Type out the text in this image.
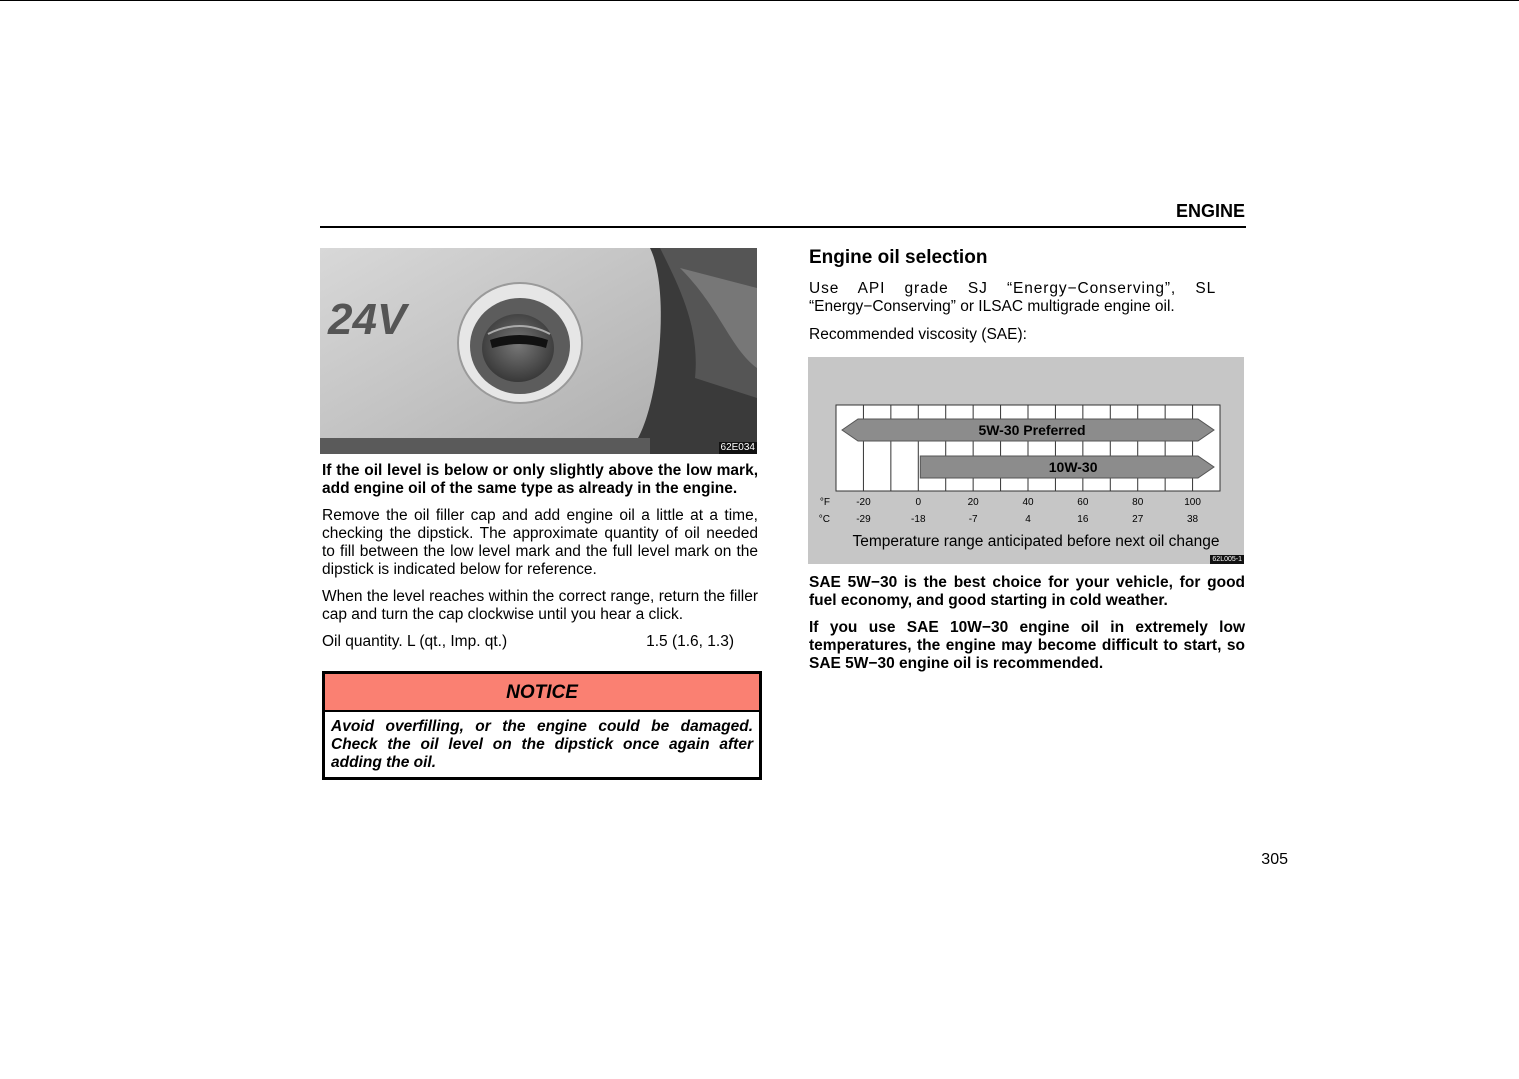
ENGINE
24V
62E034

If the oil level is below or only slightly above the low mark, add engine oil of the same type as already in the engine.

Remove the oil filler cap and add engine oil a little at a time, checking the dipstick. The approximate quantity of oil needed to fill between the low level mark and the full level mark on the dipstick is indicated below for reference.

When the level reaches within the correct range, return the filler cap and turn the cap clockwise until you hear a click.

Oil quantity. L (qt., Imp. qt.)	1.5 (1.6, 1.3)
NOTICE
Avoid overfilling, or the engine could be damaged. Check the oil level on the dipstick once again after adding the oil.
Engine oil selection
Use API grade SJ “Energy−Conserving”, SL

“Energy−Conserving” or ILSAC multigrade engine oil.

Recommended viscosity (SAE):

5W-30 Preferred
10W-30
°F
°C
-20
-29
0
-18
20
-7
40
4
60
16
80
27
100
38
Temperature range anticipated before next oil change
62L005-1

SAE 5W−30 is the best choice for your vehicle, for good fuel economy, and good starting in cold weather.

If you use SAE 10W−30 engine oil in extremely low temperatures, the engine may become difficult to start, so SAE 5W−30 engine oil is recommended.

305
